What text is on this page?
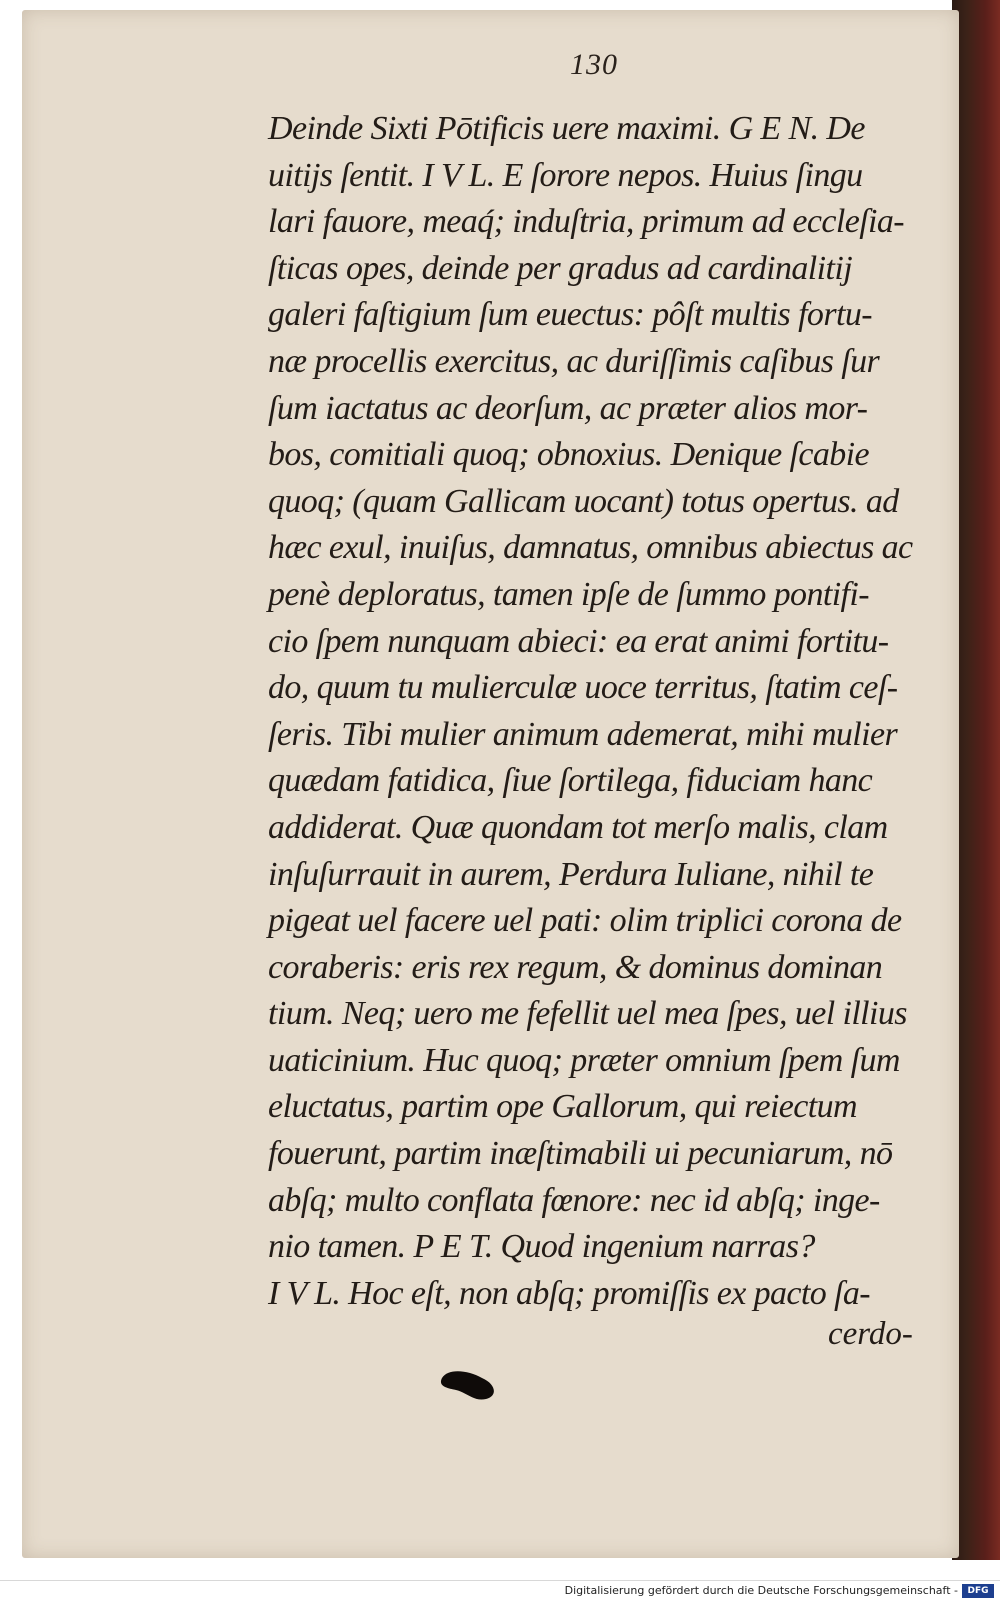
130
Deinde Sixti Pōtificis uere maximi. G E N. De
uitijs ſentit. I V L. E ſorore nepos. Huius ſingu
lari fauore, meaq́; induſtria, primum ad eccleſia-
ſticas opes, deinde per gradus ad cardinalitij
galeri faſtigium ſum euectus: pôſt multis fortu-
næ procellis exercitus, ac duriſſimis caſibus ſur
ſum iactatus ac deorſum, ac præter alios mor-
bos, comitiali quoq; obnoxius. Denique ſcabie
quoq; (quam Gallicam uocant) totus opertus. ad
hæc exul, inuiſus, damnatus, omnibus abiectus ac
penè deploratus, tamen ipſe de ſummo pontifi-
cio ſpem nunquam abieci: ea erat animi fortitu-
do, quum tu mulierculæ uoce territus, ſtatim ceſ-
ſeris. Tibi mulier animum ademerat, mihi mulier
quædam fatidica, ſiue ſortilega, fiduciam hanc
addiderat. Quæ quondam tot merſo malis, clam
inſuſurrauit in aurem, Perdura Iuliane, nihil te
pigeat uel facere uel pati: olim triplici corona de
coraberis: eris rex regum, & dominus dominan
tium. Neq; uero me fefellit uel mea ſpes, uel illius
uaticinium. Huc quoq; præter omnium ſpem ſum
eluctatus, partim ope Gallorum, qui reiectum
fouerunt, partim inæſtimabili ui pecuniarum, nō
abſq; multo conflata fœnore: nec id abſq; inge-
nio tamen. P E T. Quod ingenium narras?
I V L. Hoc eſt, non abſq; promiſſis ex pacto ſa-
cerdo-
Digitalisierung gefördert durch die Deutsche Forschungsgemeinschaft -	DFG
